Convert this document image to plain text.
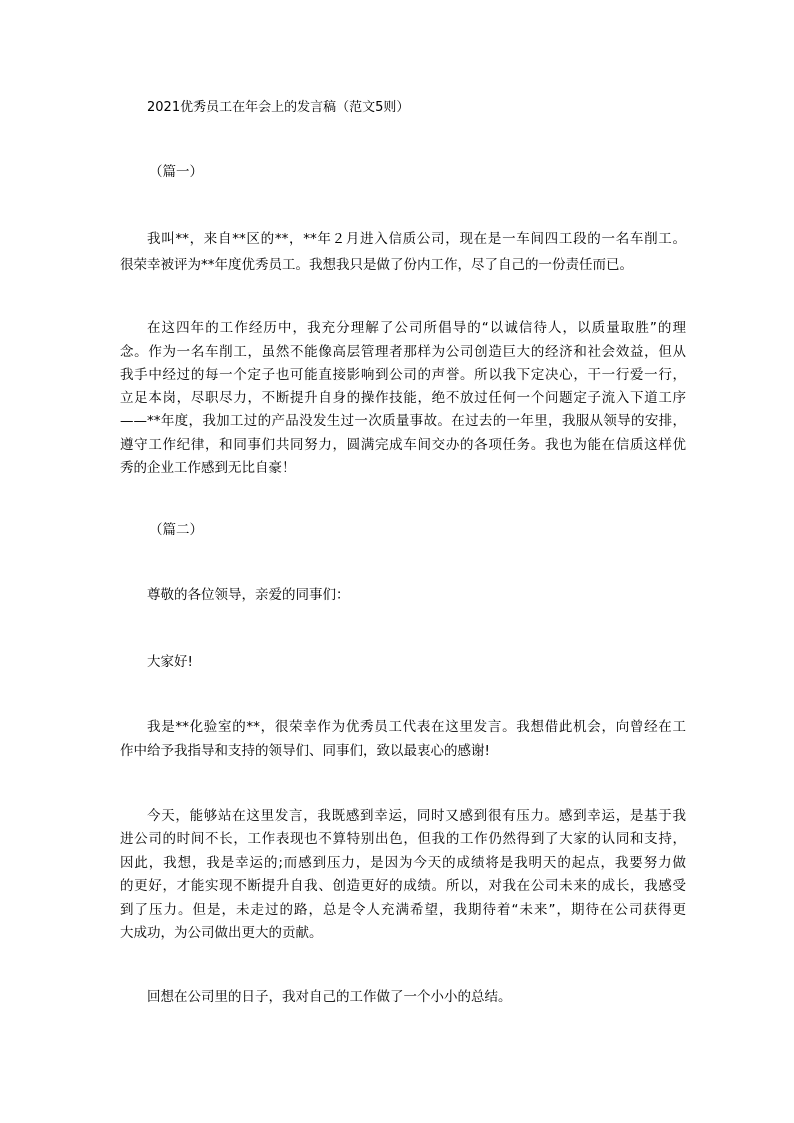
2021优秀员工在年会上的发言稿（范文5则）
（篇一）
我叫**，来自**区的**，**年２月进入信质公司，现在是一车间四工段的一名车削工。
很荣幸被评为**年度优秀员工。我想我只是做了份内工作，尽了自己的一份责任而已。
在这四年的工作经历中，我充分理解了公司所倡导的“以诚信待人，以质量取胜”的理
念。作为一名车削工，虽然不能像高层管理者那样为公司创造巨大的经济和社会效益，但从
我手中经过的每一个定子也可能直接影响到公司的声誉。所以我下定决心，干一行爱一行，
立足本岗，尽职尽力，不断提升自身的操作技能，绝不放过任何一个问题定子流入下道工序
——**年度，我加工过的产品没发生过一次质量事故。在过去的一年里，我服从领导的安排，
遵守工作纪律，和同事们共同努力，圆满完成车间交办的各项任务。我也为能在信质这样优
秀的企业工作感到无比自豪！
（篇二）
尊敬的各位领导，亲爱的同事们：
大家好!
我是**化验室的**，很荣幸作为优秀员工代表在这里发言。我想借此机会，向曾经在工
作中给予我指导和支持的领导们、同事们，致以最衷心的感谢!
今天，能够站在这里发言，我既感到幸运，同时又感到很有压力。感到幸运，是基于我
进公司的时间不长，工作表现也不算特别出色，但我的工作仍然得到了大家的认同和支持，
因此，我想，我是幸运的;而感到压力，是因为今天的成绩将是我明天的起点，我要努力做
的更好，才能实现不断提升自我、创造更好的成绩。所以，对我在公司未来的成长，我感受
到了压力。但是，未走过的路，总是令人充满希望，我期待着“未来”，期待在公司获得更
大成功，为公司做出更大的贡献。
回想在公司里的日子，我对自己的工作做了一个小小的总结。
